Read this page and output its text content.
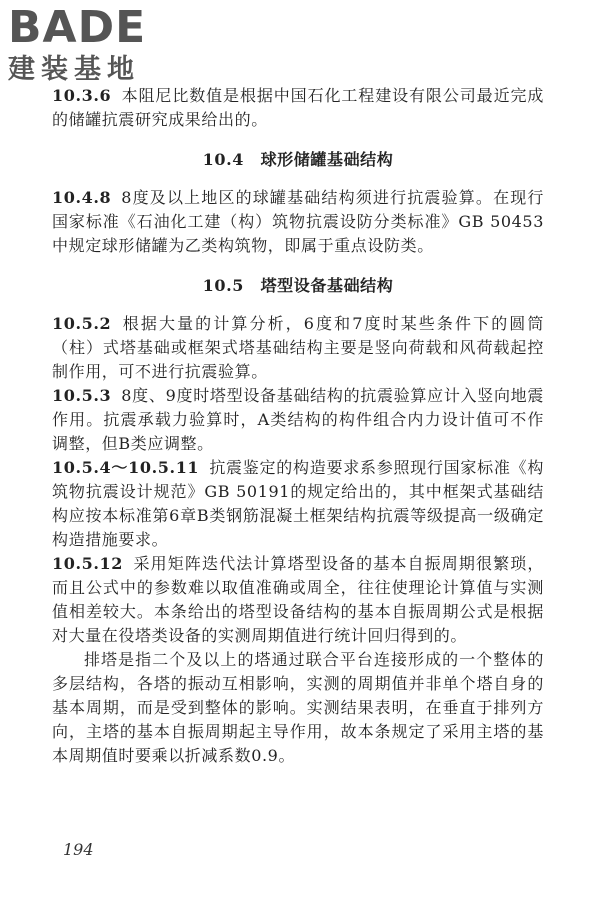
BADE
建装基地

10.3.6 本阻尼比数值是根据中国石化工程建设有限公司最近完成的储罐抗震研究成果给出的。

10.4　球形储罐基础结构

10.4.8 8度及以上地区的球罐基础结构须进行抗震验算。在现行国家标准《石油化工建（构）筑物抗震设防分类标准》GB 50453中规定球形储罐为乙类构筑物，即属于重点设防类。

10.5　塔型设备基础结构

10.5.2 根据大量的计算分析，6度和7度时某些条件下的圆筒（柱）式塔基础或框架式塔基础结构主要是竖向荷载和风荷载起控制作用，可不进行抗震验算。

10.5.3 8度、9度时塔型设备基础结构的抗震验算应计入竖向地震作用。抗震承载力验算时，A类结构的构件组合内力设计值可不作调整，但B类应调整。

10.5.4～10.5.11 抗震鉴定的构造要求系参照现行国家标准《构筑物抗震设计规范》GB 50191的规定给出的，其中框架式基础结构应按本标准第6章B类钢筋混凝土框架结构抗震等级提高一级确定构造措施要求。

10.5.12 采用矩阵迭代法计算塔型设备的基本自振周期很繁琐，而且公式中的参数难以取值准确或周全，往往使理论计算值与实测值相差较大。本条给出的塔型设备结构的基本自振周期公式是根据对大量在役塔类设备的实测周期值进行统计回归得到的。

排塔是指二个及以上的塔通过联合平台连接形成的一个整体的多层结构，各塔的振动互相影响，实测的周期值并非单个塔自身的基本周期，而是受到整体的影响。实测结果表明，在垂直于排列方向，主塔的基本自振周期起主导作用，故本条规定了采用主塔的基本周期值时要乘以折减系数0.9。

194
